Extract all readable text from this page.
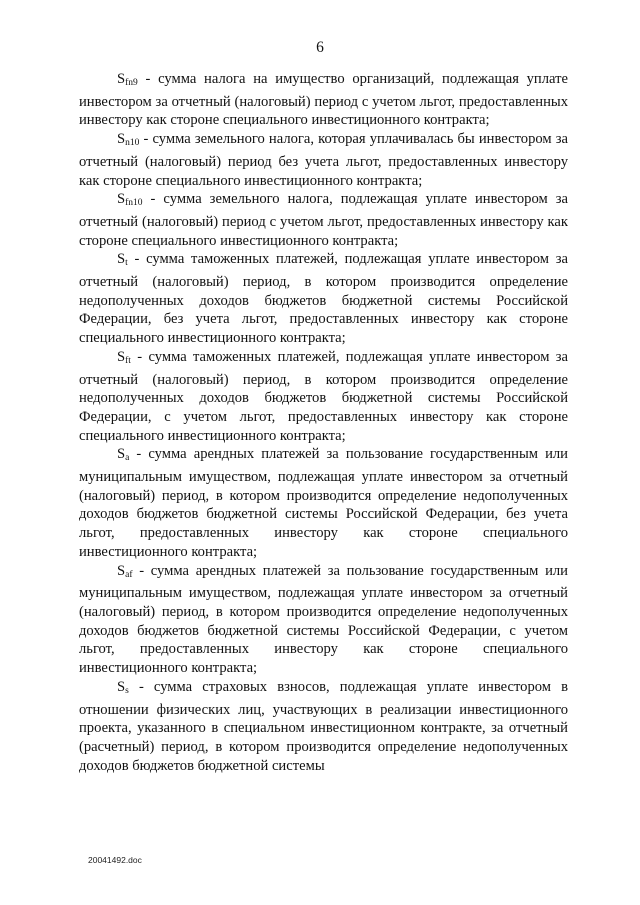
6

$S_{fn9}$ - сумма налога на имущество организаций, подлежащая уплате инвестором за отчетный (налоговый) период с учетом льгот, предоставленных инвестору как стороне специального инвестиционного контракта;

$S_{n10}$ - сумма земельного налога, которая уплачивалась бы инвестором за отчетный (налоговый) период без учета льгот, предоставленных инвестору как стороне специального инвестиционного контракта;

$S_{fn10}$ - сумма земельного налога, подлежащая уплате инвестором за отчетный (налоговый) период с учетом льгот, предоставленных инвестору как стороне специального инвестиционного контракта;

$S_t$ - сумма таможенных платежей, подлежащая уплате инвестором за отчетный (налоговый) период, в котором производится определение недополученных доходов бюджетов бюджетной системы Российской Федерации, без учета льгот, предоставленных инвестору как стороне специального инвестиционного контракта;

$S_{ft}$ - сумма таможенных платежей, подлежащая уплате инвестором за отчетный (налоговый) период, в котором производится определение недополученных доходов бюджетов бюджетной системы Российской Федерации, с учетом льгот, предоставленных инвестору как стороне специального инвестиционного контракта;

$S_a$ - сумма арендных платежей за пользование государственным или муниципальным имуществом, подлежащая уплате инвестором за отчетный (налоговый) период, в котором производится определение недополученных доходов бюджетов бюджетной системы Российской Федерации, без учета льгот, предоставленных инвестору как стороне специального инвестиционного контракта;

$S_{af}$ - сумма арендных платежей за пользование государственным или муниципальным имуществом, подлежащая уплате инвестором за отчетный (налоговый) период, в котором производится определение недополученных доходов бюджетов бюджетной системы Российской Федерации, с учетом льгот, предоставленных инвестору как стороне специального инвестиционного контракта;

$S_s$ - сумма страховых взносов, подлежащая уплате инвестором в отношении физических лиц, участвующих в реализации инвестиционного проекта, указанного в специальном инвестиционном контракте, за отчетный (расчетный) период, в котором производится определение недополученных доходов бюджетов бюджетной системы

20041492.doc
